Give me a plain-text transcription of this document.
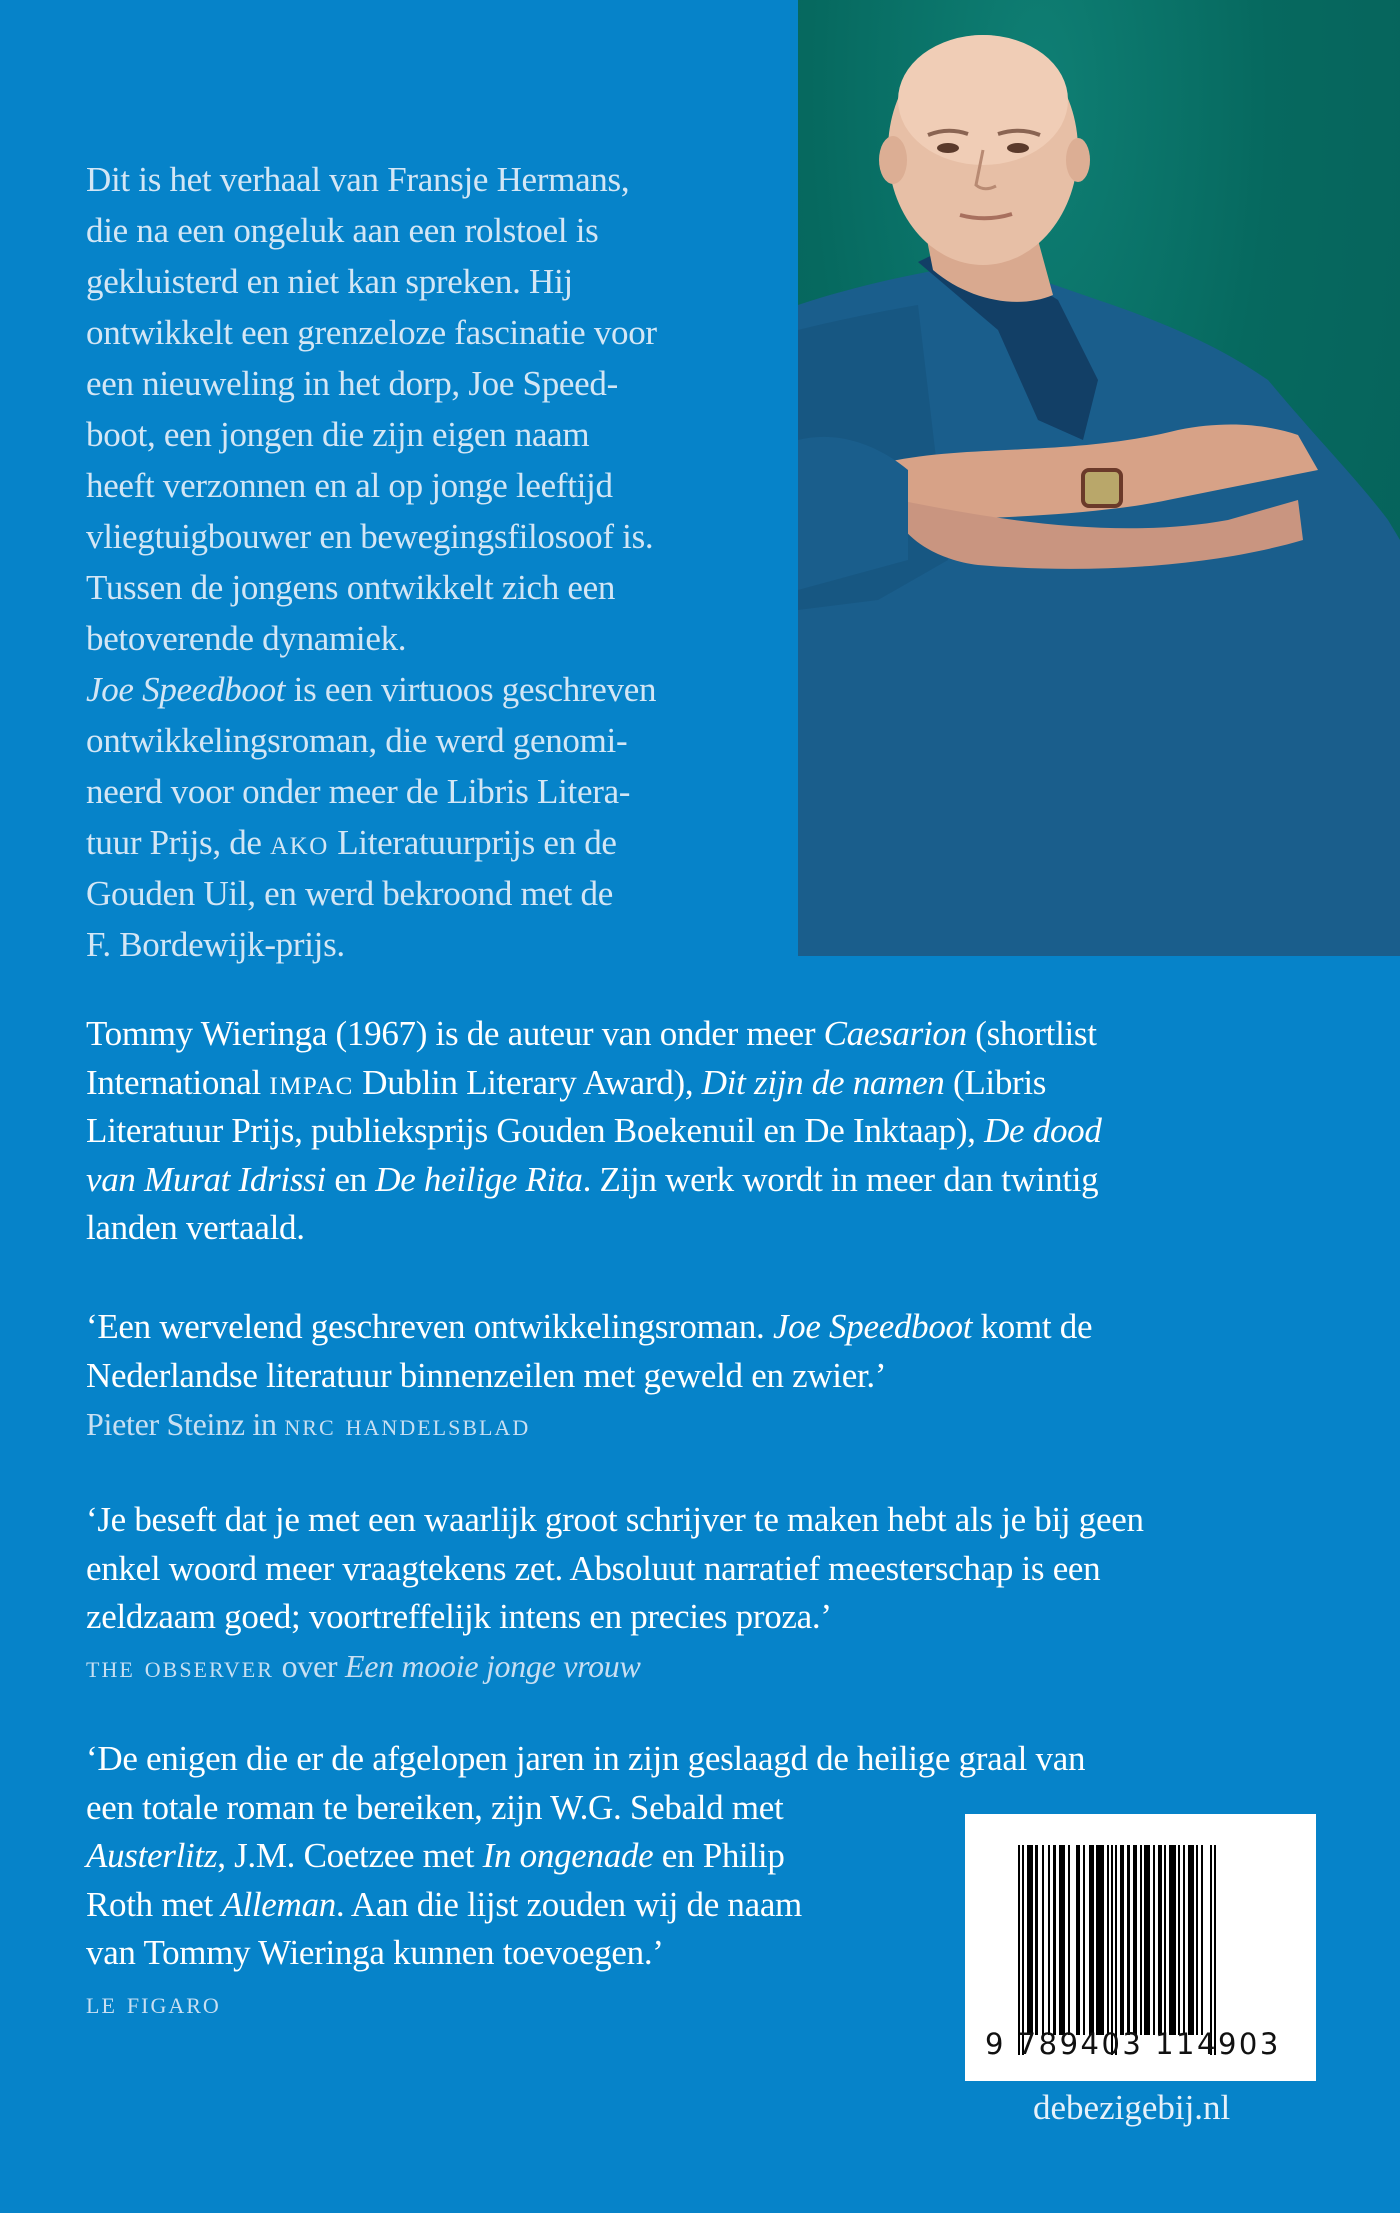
Dit is het verhaal van Fransje Hermans,
die na een ongeluk aan een rolstoel is
gekluisterd en niet kan spreken. Hij
ontwikkelt een grenzeloze fascinatie voor
een nieuweling in het dorp, Joe Speed-
boot, een jongen die zijn eigen naam
heeft verzonnen en al op jonge leeftijd
vliegtuigbouwer en bewegingsfilosoof is.
Tussen de jongens ontwikkelt zich een
betoverende dynamiek.
Joe Speedboot is een virtuoos geschreven
ontwikkelingsroman, die werd genomi-
neerd voor onder meer de Libris Litera-
tuur Prijs, de ako Literatuurprijs en de
Gouden Uil, en werd bekroond met de
F. Bordewijk-prijs.
Tommy Wieringa (1967) is de auteur van onder meer Caesarion (shortlist
International impac Dublin Literary Award), Dit zijn de namen (Libris
Literatuur Prijs, publieksprijs Gouden Boekenuil en De Inktaap), De dood
van Murat Idrissi en De heilige Rita. Zijn werk wordt in meer dan twintig
landen vertaald.
‘Een wervelend geschreven ontwikkelingsroman. Joe Speedboot komt de
Nederlandse literatuur binnenzeilen met geweld en zwier.’
Pieter Steinz in nrc handelsblad
‘Je beseft dat je met een waarlijk groot schrijver te maken hebt als je bij geen
enkel woord meer vraagtekens zet. Absoluut narratief meesterschap is een
zeldzaam goed; voortreffelijk intens en precies proza.’
the observer over Een mooie jonge vrouw
‘De enigen die er de afgelopen jaren in zijn geslaagd de heilige graal van
een totale roman te bereiken, zijn W.G. Sebald met
Austerlitz, J.M. Coetzee met In ongenade en Philip
Roth met Alleman. Aan die lijst zouden wij de naam
van Tommy Wieringa kunnen toevoegen.’
le figaro
9 789403 114903
debezigebij.nl
